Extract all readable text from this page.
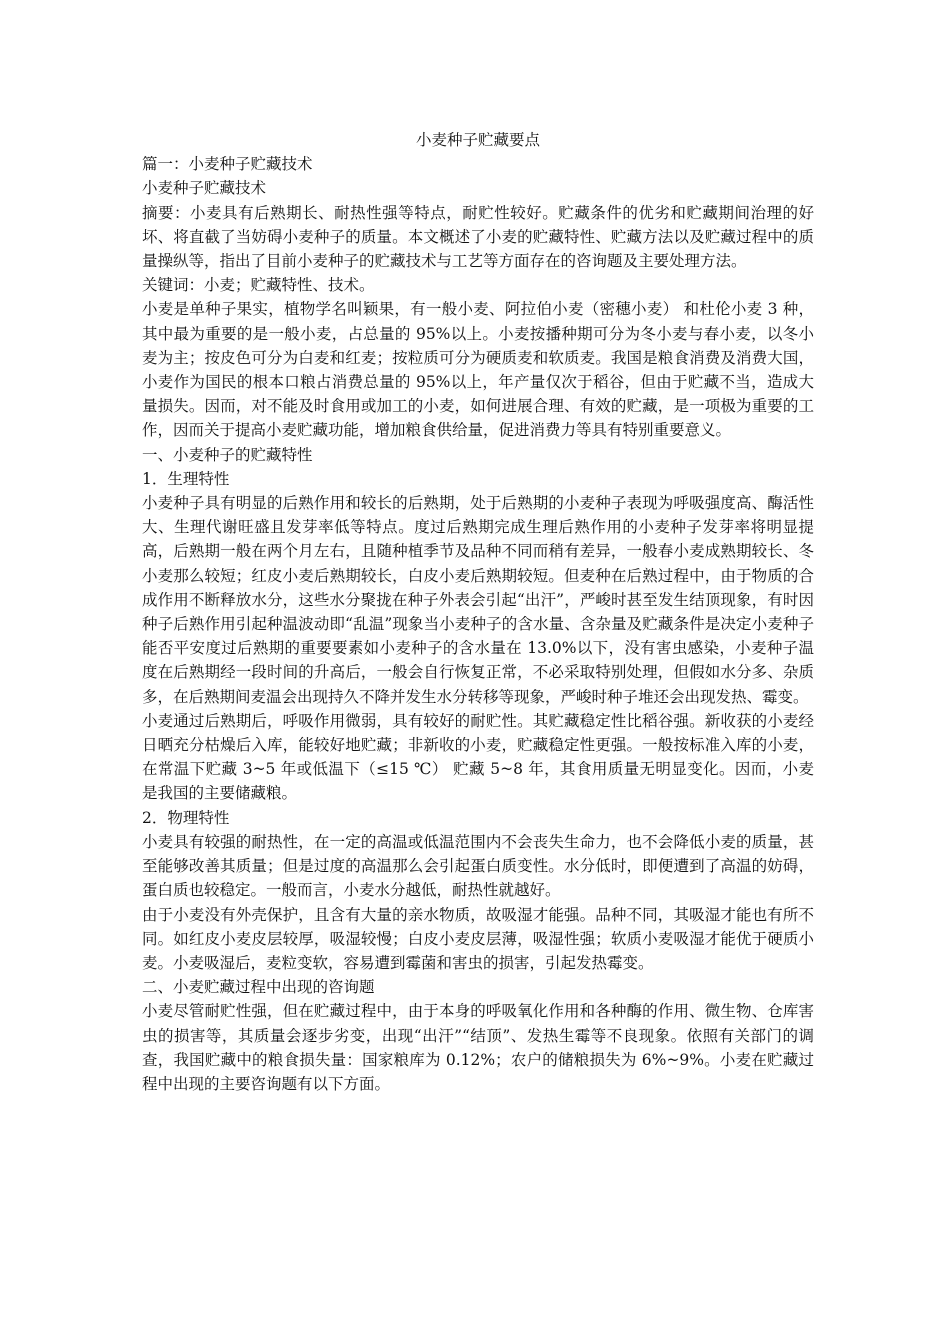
小麦种子贮藏要点

篇一：小麦种子贮藏技术

小麦种子贮藏技术

摘要：小麦具有后熟期长、耐热性强等特点，耐贮性较好。贮藏条件的优劣和贮藏期间治理的好坏、将直截了当妨碍小麦种子的质量。本文概述了小麦的贮藏特性、贮藏方法以及贮藏过程中的质量操纵等，指出了目前小麦种子的贮藏技术与工艺等方面存在的咨询题及主要处理方法。

关键词：小麦；贮藏特性、技术。

小麦是单种子果实，植物学名叫颖果，有一般小麦、阿拉伯小麦（密穗小麦） 和杜伦小麦 3 种，其中最为重要的是一般小麦，占总量的 95%以上。小麦按播种期可分为冬小麦与春小麦，以冬小麦为主；按皮色可分为白麦和红麦；按粒质可分为硬质麦和软质麦。我国是粮食消费及消费大国，小麦作为国民的根本口粮占消费总量的 95%以上，年产量仅次于稻谷，但由于贮藏不当，造成大量损失。因而，对不能及时食用或加工的小麦，如何进展合理、有效的贮藏，是一项极为重要的工作，因而关于提高小麦贮藏功能，增加粮食供给量，促进消费力等具有特别重要意义。

一、小麦种子的贮藏特性

1．生理特性

小麦种子具有明显的后熟作用和较长的后熟期，处于后熟期的小麦种子表现为呼吸强度高、酶活性大、生理代谢旺盛且发芽率低等特点。度过后熟期完成生理后熟作用的小麦种子发芽率将明显提高，后熟期一般在两个月左右，且随种植季节及品种不同而稍有差异，一般春小麦成熟期较长、冬小麦那么较短；红皮小麦后熟期较长，白皮小麦后熟期较短。但麦种在后熟过程中，由于物质的合成作用不断释放水分，这些水分聚拢在种子外表会引起“出汗”，严峻时甚至发生结顶现象，有时因种子后熟作用引起种温波动即“乱温”现象当小麦种子的含水量、含杂量及贮藏条件是决定小麦种子能否平安度过后熟期的重要要素如小麦种子的含水量在 13.0%以下，没有害虫感染，小麦种子温度在后熟期经一段时间的升高后，一般会自行恢复正常，不必采取特别处理，但假如水分多、杂质多，在后熟期间麦温会出现持久不降并发生水分转移等现象，严峻时种子堆还会出现发热、霉变。

小麦通过后熟期后，呼吸作用微弱，具有较好的耐贮性。其贮藏稳定性比稻谷强。新收获的小麦经日晒充分枯燥后入库，能较好地贮藏；非新收的小麦，贮藏稳定性更强。一般按标准入库的小麦，在常温下贮藏 3~5 年或低温下（≤15 ℃） 贮藏 5~8 年，其食用质量无明显变化。因而，小麦是我国的主要储藏粮。

2．物理特性

小麦具有较强的耐热性，在一定的高温或低温范围内不会丧失生命力，也不会降低小麦的质量，甚至能够改善其质量；但是过度的高温那么会引起蛋白质变性。水分低时，即便遭到了高温的妨碍，蛋白质也较稳定。一般而言，小麦水分越低，耐热性就越好。

由于小麦没有外壳保护，且含有大量的亲水物质，故吸湿才能强。品种不同，其吸湿才能也有所不同。如红皮小麦皮层较厚，吸湿较慢；白皮小麦皮层薄，吸湿性强；软质小麦吸湿才能优于硬质小麦。小麦吸湿后，麦粒变软，容易遭到霉菌和害虫的损害，引起发热霉变。

二、小麦贮藏过程中出现的咨询题

小麦尽管耐贮性强，但在贮藏过程中，由于本身的呼吸氧化作用和各种酶的作用、微生物、仓库害虫的损害等，其质量会逐步劣变，出现“出汗”“结顶”、发热生霉等不良现象。依照有关部门的调查，我国贮藏中的粮食损失量：国家粮库为 0.12%；农户的储粮损失为 6%~9%。小麦在贮藏过程中出现的主要咨询题有以下方面。
